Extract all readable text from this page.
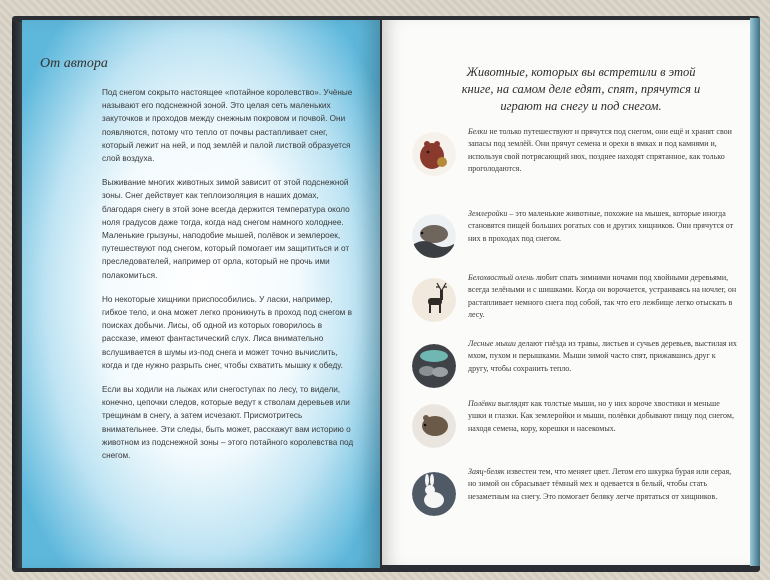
От автора

Под снегом сокрыто настоящее «потайное королевство». Учёные называют его подснежной зоной. Это целая сеть маленьких закуточков и проходов между снежным покровом и почвой. Они появляются, потому что тепло от почвы растапливает снег, который лежит на ней, и под землёй и палой листвой образуется слой воздуха.

Выживание многих животных зимой зависит от этой подснежной зоны. Снег действует как теплоизоляция в наших домах, благодаря снегу в этой зоне всегда держится температура около ноля градусов даже тогда, когда над снегом намного холоднее. Маленькие грызуны, наподобие мышей, полёвок и землероек, путешествуют под снегом, который помогает им защититься и от преследователей, например от орла, который не прочь ими полакомиться.

Но некоторые хищники приспособились. У ласки, например, гибкое тело, и она может легко проникнуть в проход под снегом в поисках добычи. Лисы, об одной из которых говорилось в рассказе, имеют фантастический слух. Лиса внимательно вслушивается в шумы из-под снега и может точно вычислить, когда и где нужно разрыть снег, чтобы схватить мышку к обеду.

Если вы ходили на лыжах или снегоступах по лесу, то видели, конечно, цепочки следов, которые ведут к стволам деревьев или трещинам в снегу, а затем исчезают. Присмотритесь внимательнее. Эти следы, быть может, расскажут вам историю о животном из подснежной зоны – этого потайного королевства под снегом.

Животные, которых вы встретили в этой книге, на самом деле едят, спят, прячутся и играют на снегу и под снегом.
Белки не только путешествуют и прячутся под снегом, они ещё и хранят свои запасы под землёй. Они прячут семена и орехи в ямках и под камнями и, используя свой потрясающий нюх, позднее находят спрятанное, как только проголодаются.
Землеройки – это маленькие животные, похожие на мышек, которые иногда становятся пищей больших рогатых сов и других хищников. Они прячутся от них в проходах под снегом.
Белохвостый олень любит спать зимними ночами под хвойными деревьями, всегда зелёными и с шишками. Когда он ворочается, устраиваясь на ночлег, он растапливает немного снега под собой, так что его лежбище легко отыскать в лесу.
Лесные мыши делают гнёзда из травы, листьев и сучьев деревьев, выстилая их мхом, пухом и перышками. Мыши зимой часто спят, прижавшись друг к другу, чтобы сохранить тепло.
Полёвки выглядят как толстые мыши, но у них короче хвостики и меньше ушки и глазки. Как землеройки и мыши, полёвки добывают пищу под снегом, находя семена, кору, корешки и насекомых.
Заяц-беляк известен тем, что меняет цвет. Летом его шкурка бурая или серая, но зимой он сбрасывает тёмный мех и одевается в белый, чтобы стать незаметным на снегу. Это помогает беляку легче прятаться от хищников.
